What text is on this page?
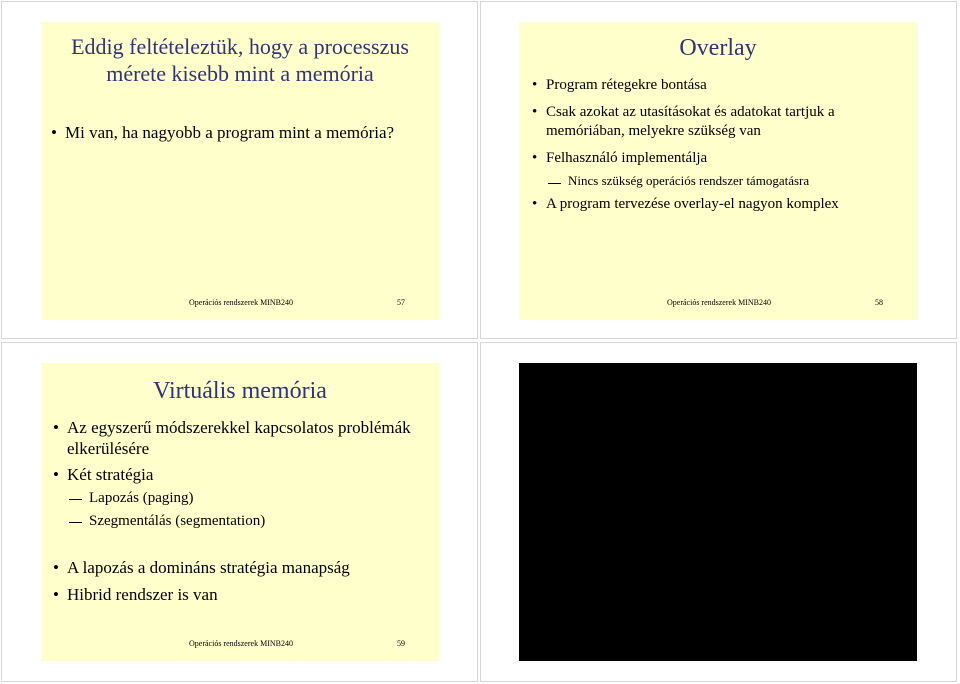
Eddig feltételeztük, hogy a processzus mérete kisebb mint a memória
• Mi van, ha nagyobb a program mint a memória?
Operációs rendszerek MINB240	57
Overlay
• Program rétegekre bontása
• Csak azokat az utasításokat és adatokat tartjuk a memóriában, melyekre szükség van
• Felhasználó implementálja
Nincs szükség operációs rendszer támogatásra
• A program tervezése overlay-el nagyon komplex
Operációs rendszerek MINB240	58
Virtuális memória
• Az egyszerű módszerekkel kapcsolatos problémák elkerülésére
• Két stratégia
Lapozás (paging)
Szegmentálás (segmentation)
• A lapozás a domináns stratégia manapság
• Hibrid rendszer is van
Operációs rendszerek MINB240	59
